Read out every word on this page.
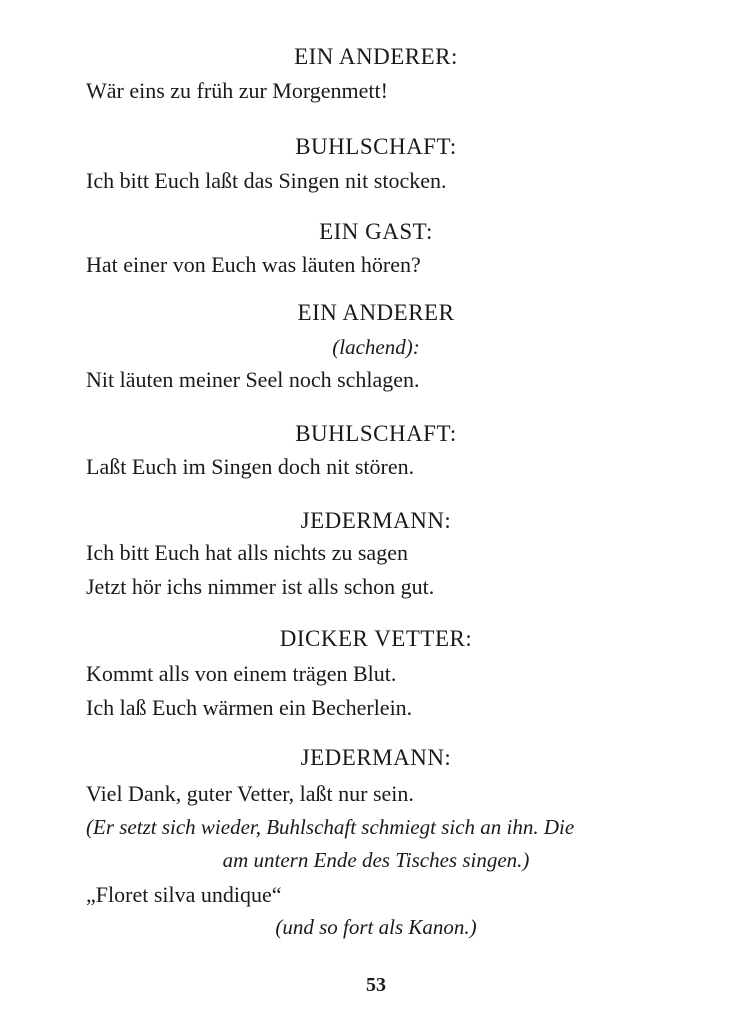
EIN ANDERER:
Wär eins zu früh zur Morgenmett!
BUHLSCHAFT:
Ich bitt Euch laßt das Singen nit stocken.
EIN GAST:
Hat einer von Euch was läuten hören?
EIN ANDERER
(lachend):
Nit läuten meiner Seel noch schlagen.
BUHLSCHAFT:
Laßt Euch im Singen doch nit stören.
JEDERMANN:
Ich bitt Euch hat alls nichts zu sagen
Jetzt hör ichs nimmer ist alls schon gut.
DICKER VETTER:
Kommt alls von einem trägen Blut.
Ich laß Euch wärmen ein Becherlein.
JEDERMANN:
Viel Dank, guter Vetter, laßt nur sein.
(Er setzt sich wieder, Buhlschaft schmiegt sich an ihn. Die
am untern Ende des Tisches singen.)
„Floret silva undique“
(und so fort als Kanon.)
53
